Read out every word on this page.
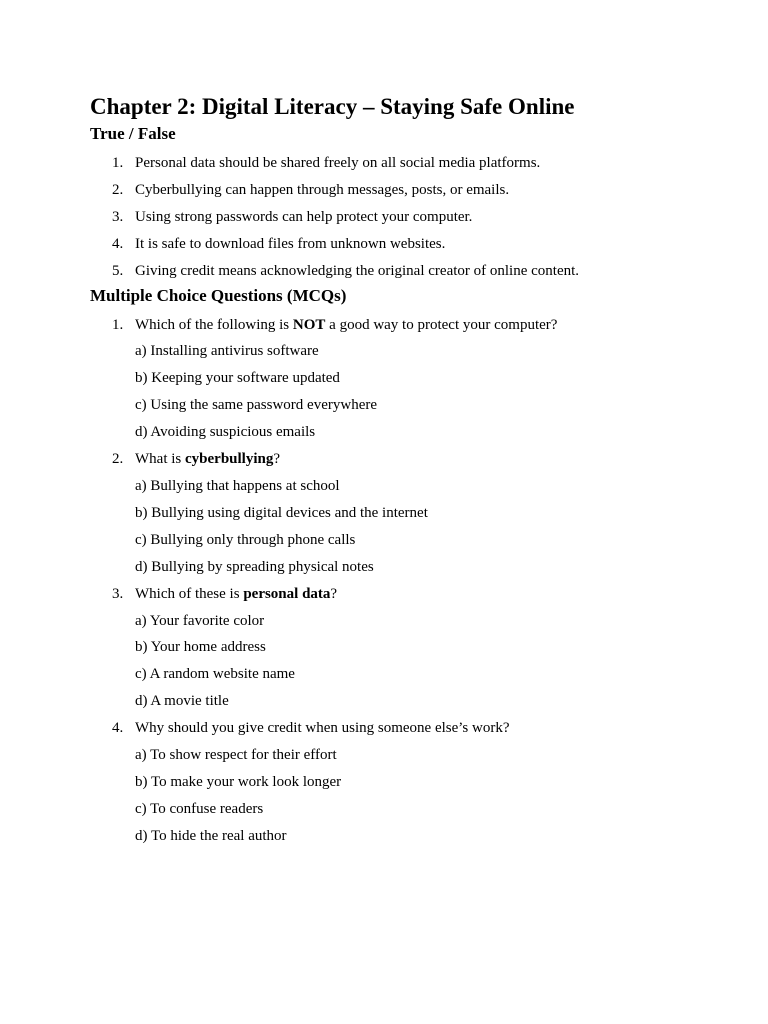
Chapter 2: Digital Literacy – Staying Safe Online
True / False
1. Personal data should be shared freely on all social media platforms.
2. Cyberbullying can happen through messages, posts, or emails.
3. Using strong passwords can help protect your computer.
4. It is safe to download files from unknown websites.
5. Giving credit means acknowledging the original creator of online content.
Multiple Choice Questions (MCQs)
1. Which of the following is NOT a good way to protect your computer?
a) Installing antivirus software
b) Keeping your software updated
c) Using the same password everywhere
d) Avoiding suspicious emails
2. What is cyberbullying?
a) Bullying that happens at school
b) Bullying using digital devices and the internet
c) Bullying only through phone calls
d) Bullying by spreading physical notes
3. Which of these is personal data?
a) Your favorite color
b) Your home address
c) A random website name
d) A movie title
4. Why should you give credit when using someone else’s work?
a) To show respect for their effort
b) To make your work look longer
c) To confuse readers
d) To hide the real author
